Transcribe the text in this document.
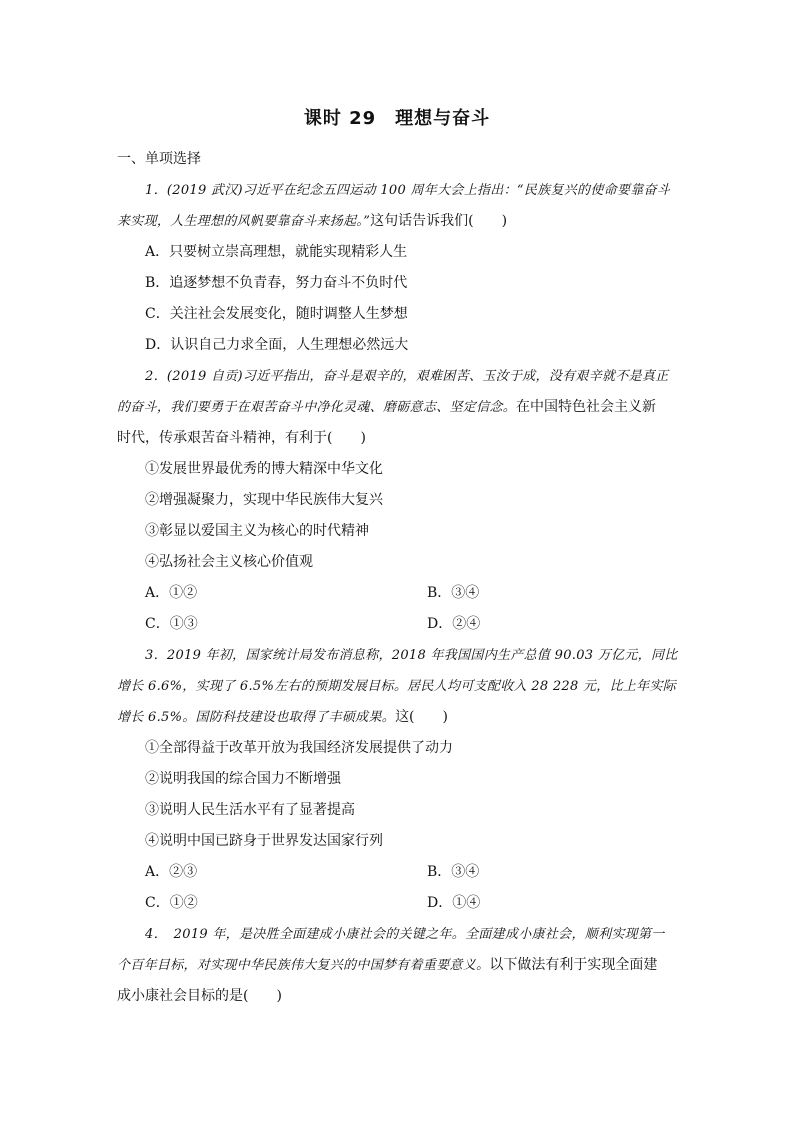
课时 29　理想与奋斗
一、单项选择
1．(2019 武汉)习近平在纪念五四运动 100 周年大会上指出：“民族复兴的使命要靠奋斗
来实现，人生理想的风帆要靠奋斗来扬起。”这句话告诉我们(　　)
A．只要树立崇高理想，就能实现精彩人生
B．追逐梦想不负青春，努力奋斗不负时代
C．关注社会发展变化，随时调整人生梦想
D．认识自己力求全面，人生理想必然远大
2．(2019 自贡)习近平指出，奋斗是艰辛的，艰难困苦、玉汝于成，没有艰辛就不是真正
的奋斗，我们要勇于在艰苦奋斗中净化灵魂、磨砺意志、坚定信念。在中国特色社会主义新
时代，传承艰苦奋斗精神，有利于(　　)
①发展世界最优秀的博大精深中华文化
②增强凝聚力，实现中华民族伟大复兴
③彰显以爱国主义为核心的时代精神
④弘扬社会主义核心价值观
A．①②	B．③④
C．①③	D．②④
3．2019 年初，国家统计局发布消息称，2018 年我国国内生产总值 90.03 万亿元，同比
增长 6.6%，实现了 6.5%左右的预期发展目标。居民人均可支配收入 28 228 元，比上年实际
增长 6.5%。国防科技建设也取得了丰硕成果。这(　　)
①全部得益于改革开放为我国经济发展提供了动力
②说明我国的综合国力不断增强
③说明人民生活水平有了显著提高
④说明中国已跻身于世界发达国家行列
A．②③	B．③④
C．①②	D．①④
4．　2019 年，是决胜全面建成小康社会的关键之年。全面建成小康社会，顺利实现第一
个百年目标，对实现中华民族伟大复兴的中国梦有着重要意义。以下做法有利于实现全面建
成小康社会目标的是(　　)
